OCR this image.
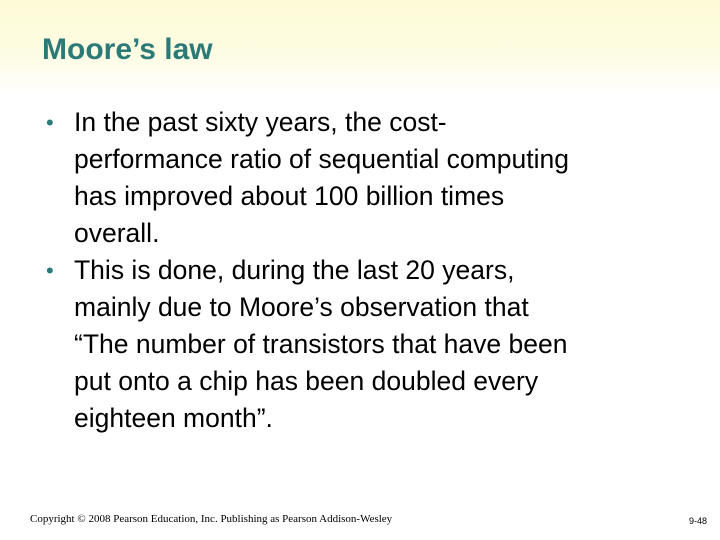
Moore’s law
• In the past sixty years, the cost-
performance ratio of sequential computing
has improved about 100 billion times
overall.
• This is done, during the last 20 years,
mainly due to Moore’s observation that
“The number of transistors that have been
put onto a chip has been doubled every
eighteen month”.
Copyright © 2008 Pearson Education, Inc. Publishing as Pearson Addison-Wesley	9-48
